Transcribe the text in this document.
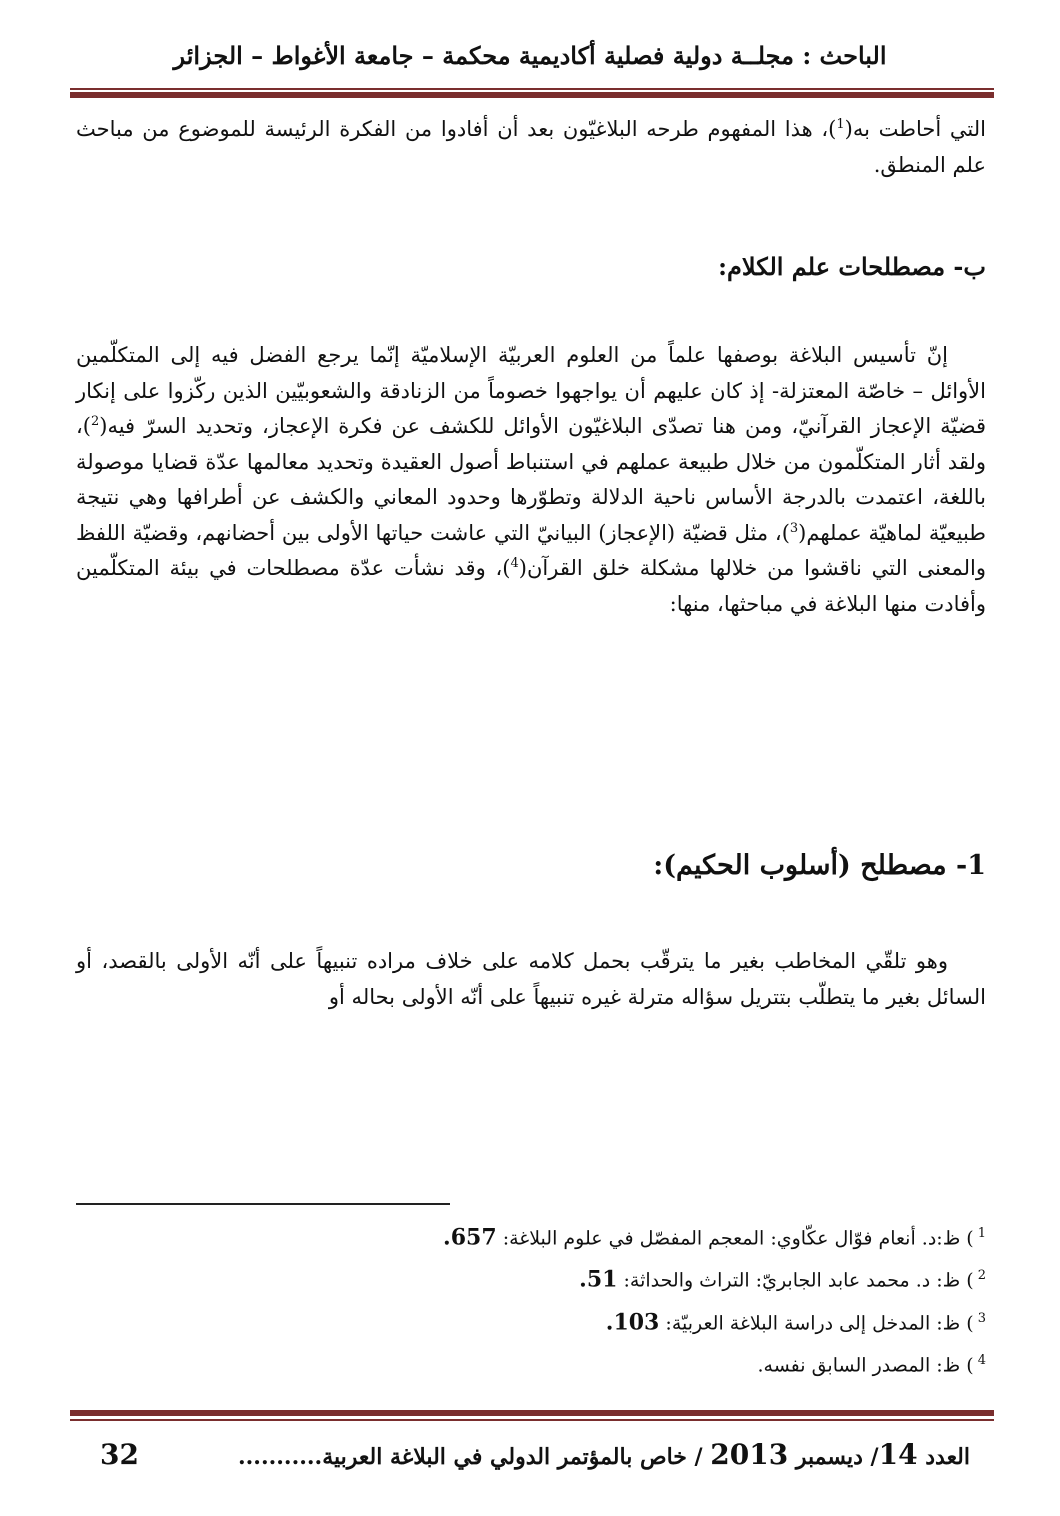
الباحث : مجلــة دولية فصلية أكاديمية محكمة – جامعة الأغواط – الجزائر

التي أحاطت به($^1$)، هذا المفهوم طرحه البلاغيّون بعد أن أفادوا من الفكرة الرئيسة للموضوع من مباحث علم المنطق.

ب- مصطلحات علم الكلام:

إنّ تأسيس البلاغة بوصفها علماً من العلوم العربيّة الإسلاميّة إنّما يرجع الفضل فيه إلى المتكلّمين الأوائل – خاصّة المعتزلة- إذ كان عليهم أن يواجهوا خصوماً من الزنادقة والشعوبيّين الذين ركّزوا على إنكار قضيّة الإعجاز القرآنيّ، ومن هنا تصدّى البلاغيّون الأوائل للكشف عن فكرة الإعجاز، وتحديد السرّ فيه($^2$)، ولقد أثار المتكلّمون من خلال طبيعة عملهم في استنباط أصول العقيدة وتحديد معالمها عدّة قضايا موصولة باللغة، اعتمدت بالدرجة الأساس ناحية الدلالة وتطوّرها وحدود المعاني والكشف عن أطرافها وهي نتيجة طبيعيّة لماهيّة عملهم($^3$)، مثل قضيّة (الإعجاز) البيانيّ التي عاشت حياتها الأولى بين أحضانهم، وقضيّة اللفظ والمعنى التي ناقشوا من خلالها مشكلة خلق القرآن($^4$)، وقد نشأت عدّة مصطلحات في بيئة المتكلّمين وأفادت منها البلاغة في مباحثها، منها:

1- مصطلح (أسلوب الحكيم):

وهو تلقّي المخاطب بغير ما يترقّب بحمل كلامه على خلاف مراده تنبيهاً على أنّه الأولى بالقصد، أو السائل بغير ما يتطلّب بتتريل سؤاله مترلة غيره تنبيهاً على أنّه الأولى بحاله أو

$^1$) ظ:د. أنعام فوّال عكّاوي: المعجم المفصّل في علوم البلاغة: 657.

$^2$) ظ: د. محمد عابد الجابريّ: التراث والحداثة: 51.

$^3$) ظ: المدخل إلى دراسة البلاغة العربيّة: 103.

$^4$) ظ: المصدر السابق نفسه.

العدد 14/ ديسمبر 2013 / خاص بالمؤتمر الدولي في البلاغة العربية...........
32
